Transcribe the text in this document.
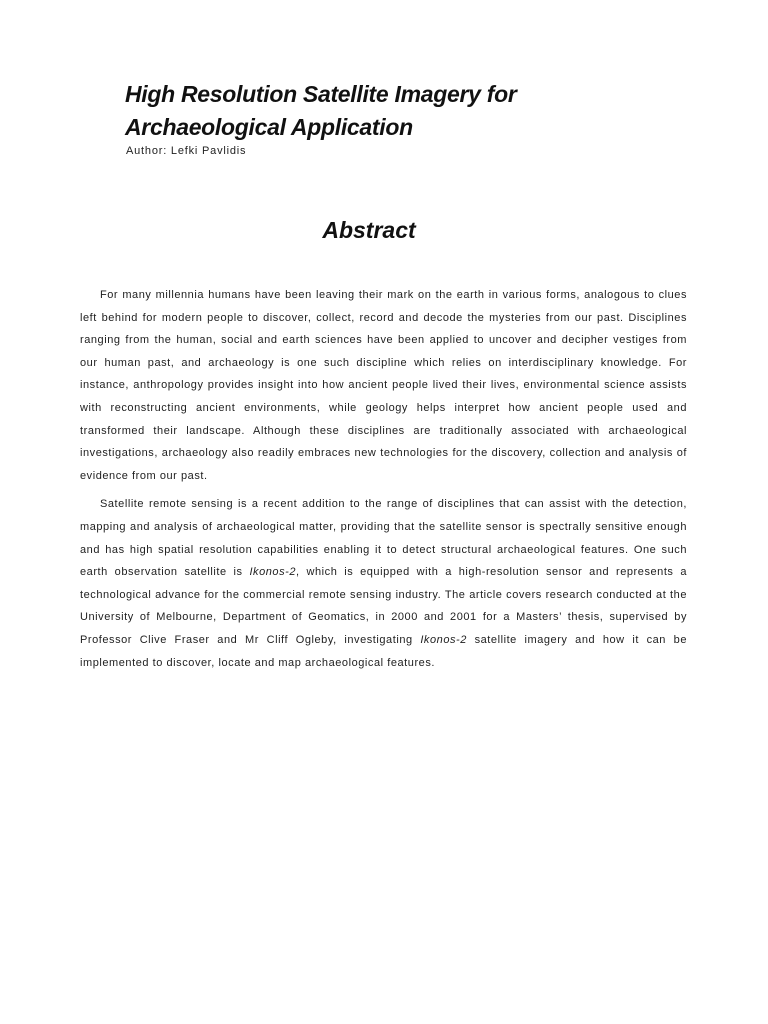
High Resolution Satellite Imagery for
Archaeological Application

Author: Lefki Pavlidis

Abstract

For many millennia humans have been leaving their mark on the earth in various forms, analogous to clues left behind for modern people to discover, collect, record and decode the mysteries from our past. Disciplines ranging from the human, social and earth sciences have been applied to uncover and decipher vestiges from our human past, and archaeology is one such discipline which relies on interdisciplinary knowledge. For instance, anthropology provides insight into how ancient people lived their lives, environmental science assists with reconstructing ancient environments, while geology helps interpret how ancient people used and transformed their landscape. Although these disciplines are traditionally associated with archaeological investigations, archaeology also readily embraces new technologies for the discovery, collection and analysis of evidence from our past.

Satellite remote sensing is a recent addition to the range of disciplines that can assist with the detection, mapping and analysis of archaeological matter, providing that the satellite sensor is spectrally sensitive enough and has high spatial resolution capabilities enabling it to detect structural archaeological features. One such earth observation satellite is Ikonos-2, which is equipped with a high-resolution sensor and represents a technological advance for the commercial remote sensing industry. The article covers research conducted at the University of Melbourne, Department of Geomatics, in 2000 and 2001 for a Masters’ thesis, supervised by Professor Clive Fraser and Mr Cliff Ogleby, investigating Ikonos-2 satellite imagery and how it can be implemented to discover, locate and map archaeological features.
